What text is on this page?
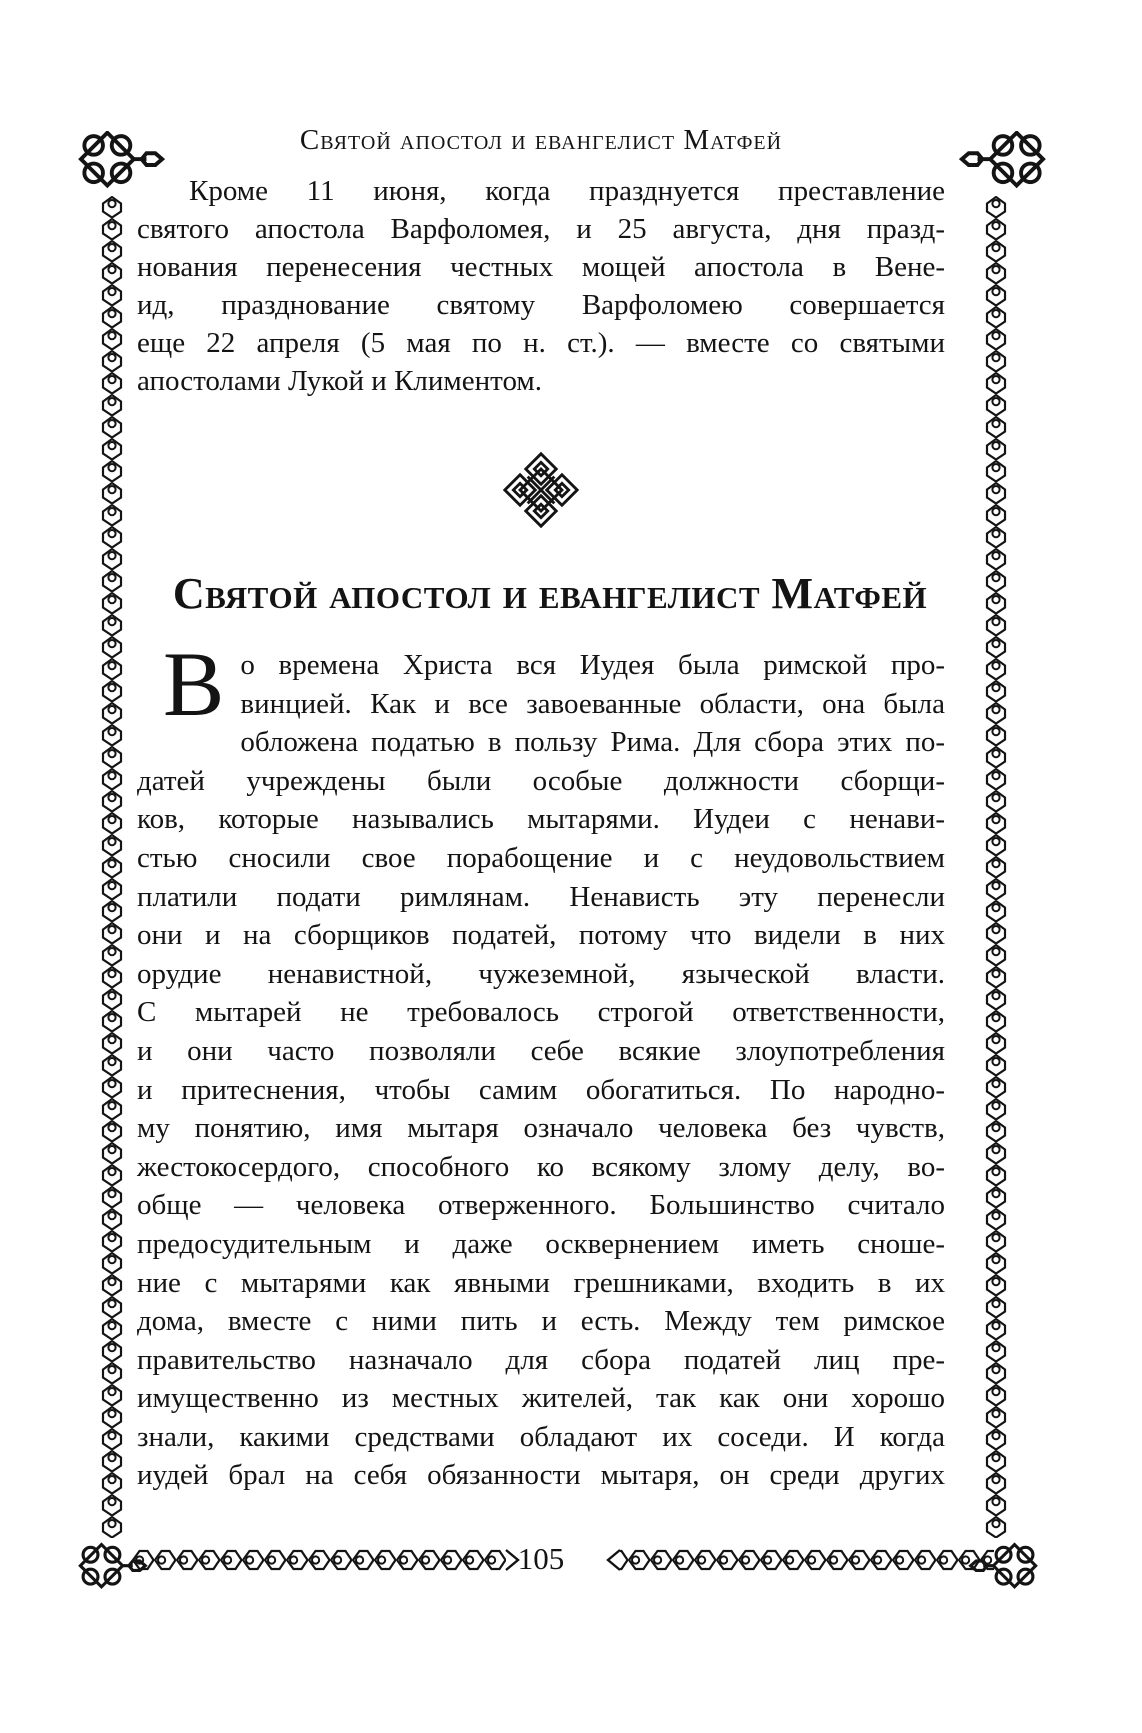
Святой апостол и евангелист Матфей
Кроме 11 июня, когда празднуется преставление
святого апостола Варфоломея, и 25 августа, дня празд-
нования перенесения честных мощей апостола в Вене-
ид, празднование святому Варфоломею совершается
еще 22 апреля (5 мая по н. ст.). — вместе со святыми
апостолами Лукой и Климентом.
Святой апостол и евангелист Матфей
В о времена Христа вся Иудея была римской про-
винцией. Как и все завоеванные области, она была
обложена податью в пользу Рима. Для сбора этих по-
датей учреждены были особые должности сборщи-
ков, которые назывались мытарями. Иудеи с ненави-
стью сносили свое порабощение и с неудовольствием
платили подати римлянам. Ненависть эту перенесли
они и на сборщиков податей, потому что видели в них
орудие ненавистной, чужеземной, языческой власти.
С мытарей не требовалось строгой ответственности,
и они часто позволяли себе всякие злоупотребления
и притеснения, чтобы самим обогатиться. По народно-
му понятию, имя мытаря означало человека без чувств,
жестокосердого, способного ко всякому злому делу, во-
обще — человека отверженного. Большинство считало
предосудительным и даже осквернением иметь сноше-
ние с мытарями как явными грешниками, входить в их
дома, вместе с ними пить и есть. Между тем римское
правительство назначало для сбора податей лиц пре-
имущественно из местных жителей, так как они хорошо
знали, какими средствами обладают их соседи. И когда
иудей брал на себя обязанности мытаря, он среди других
105
